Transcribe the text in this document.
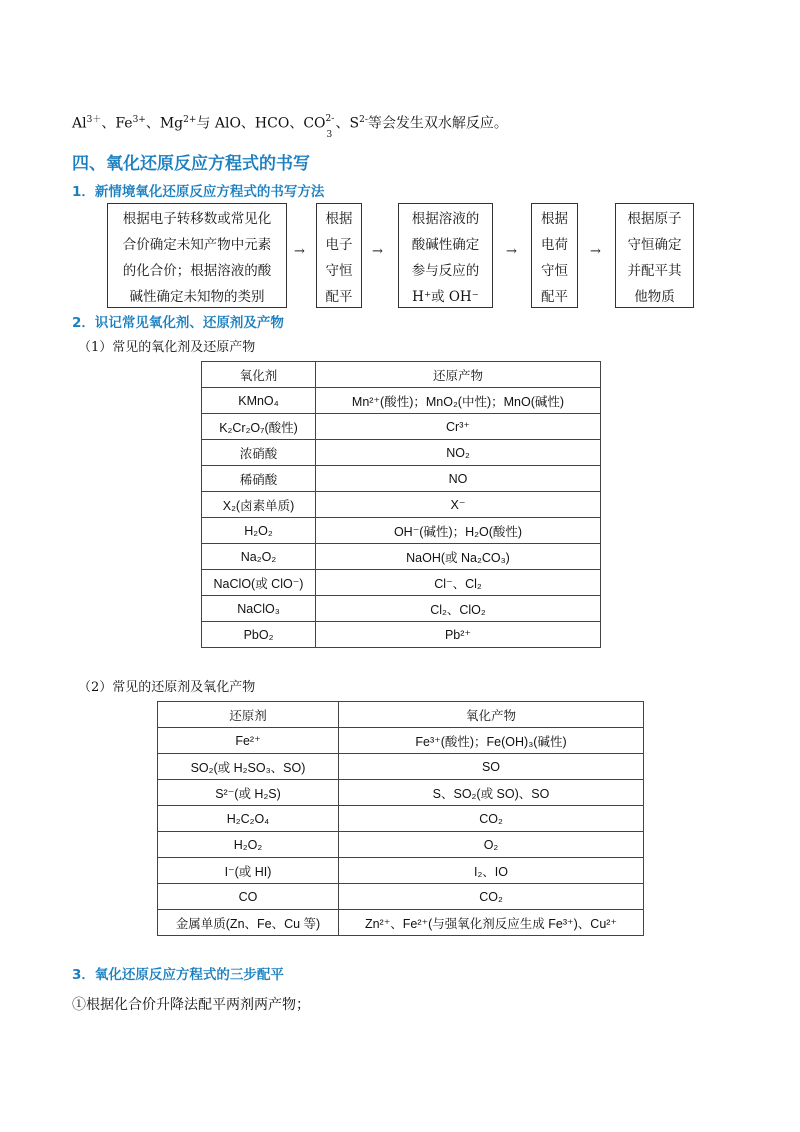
$Al^{3+}$、$Fe^{3+}$、$Mg^{2+}$与 AlO、HCO、CO 2-
3
、$S^{2-}$等会发生双水解反应。
四、氧化还原反应方程式的书写
1．新情境氧化还原反应方程式的书写方法
根据电子转移数或常见化
合价确定未知产物中元素
的化合价；根据溶液的酸
碱性确定未知物的类别
→
根据
电子
守恒
配平
→
根据溶液的
酸碱性确定
参与反应的
H⁺或 OH⁻
→
根据
电荷
守恒
配平
→
根据原子
守恒确定
并配平其
他物质
2．识记常见氧化剂、还原剂及产物
（1）常见的氧化剂及还原产物
氧化剂	还原产物
KMnO₄	Mn²⁺(酸性)；MnO₂(中性)；MnO(碱性)
K₂Cr₂O₇(酸性)	Cr³⁺
浓硝酸	NO₂
稀硝酸	NO
X₂(卤素单质)	X⁻
H₂O₂	OH⁻(碱性)；H₂O(酸性)
Na₂O₂	NaOH(或 Na₂CO₃)
NaClO(或 ClO⁻)	Cl⁻、Cl₂
NaClO₃	Cl₂、ClO₂
PbO₂	Pb²⁺
（2）常见的还原剂及氧化产物
还原剂	氧化产物
Fe²⁺	Fe³⁺(酸性)；Fe(OH)₃(碱性)
SO₂(或 H₂SO₃、SO)	SO
S²⁻(或 H₂S)	S、SO₂(或 SO)、SO
H₂C₂O₄	CO₂
H₂O₂	O₂
I⁻(或 HI)	I₂、IO
CO	CO₂
金属单质(Zn、Fe、Cu 等)	Zn²⁺、Fe²⁺(与强氧化剂反应生成 Fe³⁺)、Cu²⁺
3．氧化还原反应方程式的三步配平
①根据化合价升降法配平两剂两产物；
